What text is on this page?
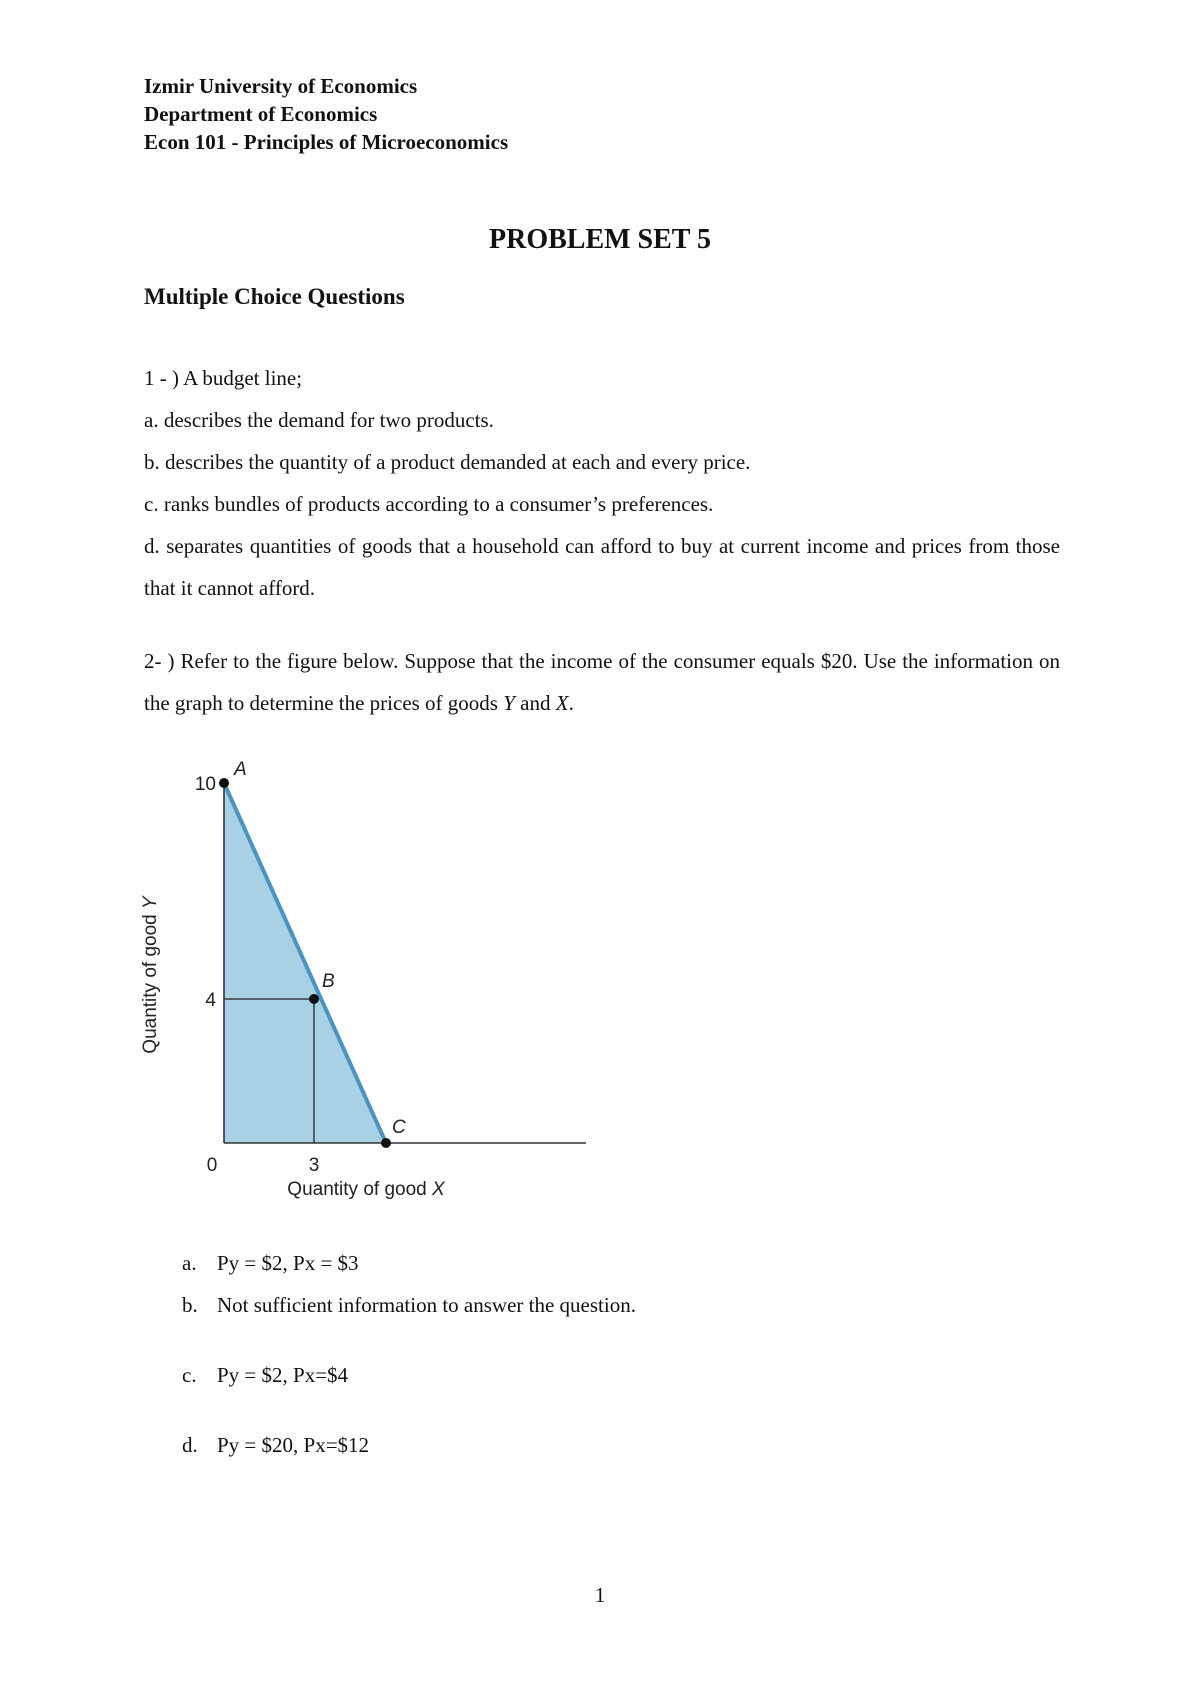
Izmir University of Economics

Department of Economics

Econ 101 - Principles of Microeconomics

PROBLEM SET 5
Multiple Choice Questions

1 - ) A budget line;

a. describes the demand for two products.

b. describes the quantity of a product demanded at each and every price.

c. ranks bundles of products according to a consumer’s preferences.

d. separates quantities of goods that a household can afford to buy at current income and prices from those that it cannot afford.

2- ) Refer to the figure below. Suppose that the income of the consumer equals $20. Use the information on the graph to determine the prices of goods Y and X.

A
B
C
10
4
0	3
Quantity of good X
Quantity of good Y

a. Py = $2, Px = $3

b. Not sufficient information to answer the question.

c. Py = $2, Px=$4

d. Py = $20, Px=$12

1
